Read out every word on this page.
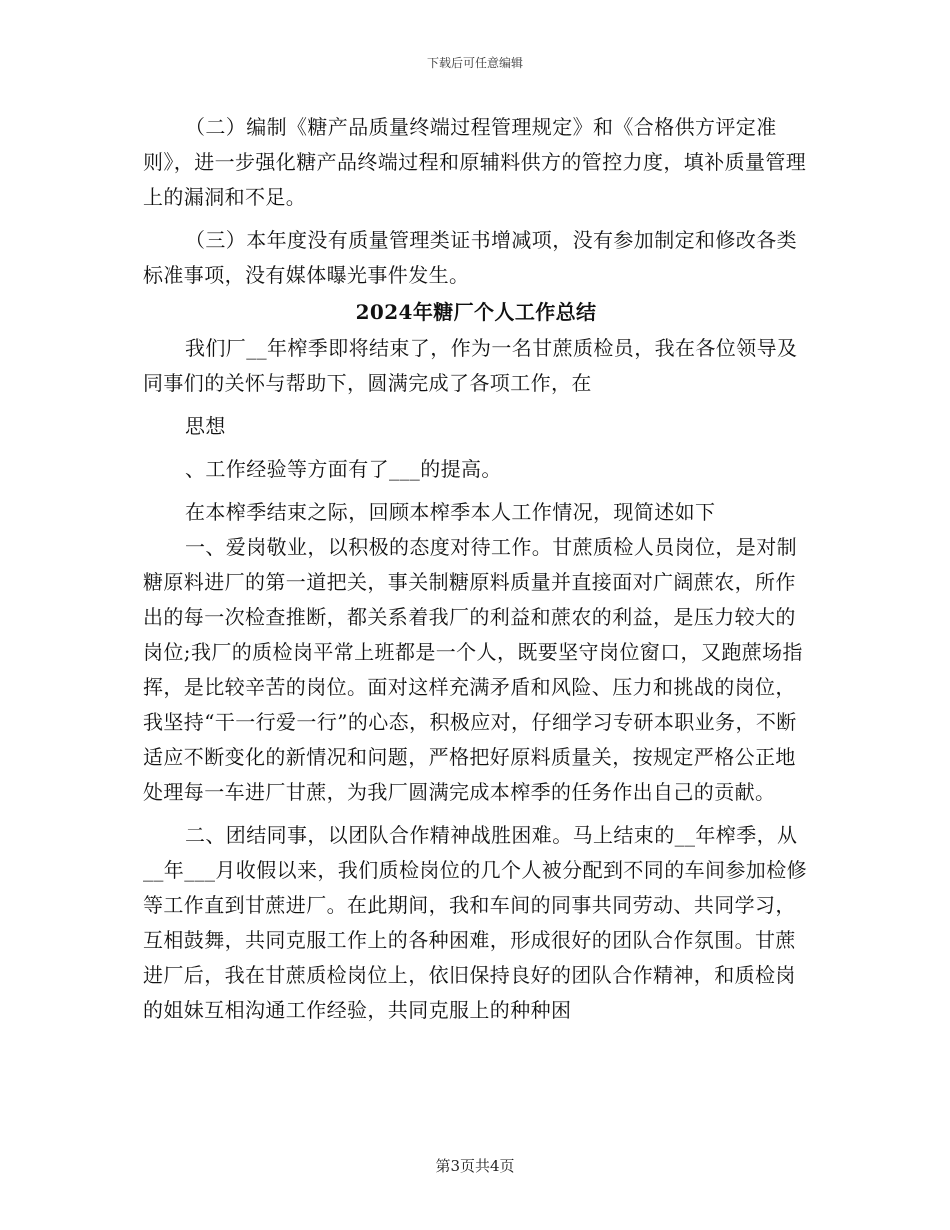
下载后可任意编辑

（二）编制《糖产品质量终端过程管理规定》和《合格供方评定准则》，进一步强化糖产品终端过程和原辅料供方的管控力度，填补质量管理上的漏洞和不足。

（三）本年度没有质量管理类证书增减项，没有参加制定和修改各类标准事项，没有媒体曝光事件发生。

2024年糖厂个人工作总结

我们厂__年榨季即将结束了，作为一名甘蔗质检员，我在各位领导及同事们的关怀与帮助下，圆满完成了各项工作，在

思想

、工作经验等方面有了___的提高。

在本榨季结束之际，回顾本榨季本人工作情况，现简述如下

一、爱岗敬业，以积极的态度对待工作。甘蔗质检人员岗位，是对制糖原料进厂的第一道把关，事关制糖原料质量并直接面对广阔蔗农，所作出的每一次检查推断，都关系着我厂的利益和蔗农的利益，是压力较大的岗位;我厂的质检岗平常上班都是一个人，既要坚守岗位窗口，又跑蔗场指挥，是比较辛苦的岗位。面对这样充满矛盾和风险、压力和挑战的岗位，我坚持“干一行爱一行”的心态，积极应对，仔细学习专研本职业务，不断适应不断变化的新情况和问题，严格把好原料质量关，按规定严格公正地处理每一车进厂甘蔗，为我厂圆满完成本榨季的任务作出自己的贡献。

二、团结同事，以团队合作精神战胜困难。马上结束的__年榨季，从__年___月收假以来，我们质检岗位的几个人被分配到不同的车间参加检修等工作直到甘蔗进厂。在此期间，我和车间的同事共同劳动、共同学习，互相鼓舞，共同克服工作上的各种困难，形成很好的团队合作氛围。甘蔗进厂后，我在甘蔗质检岗位上，依旧保持良好的团队合作精神，和质检岗的姐妹互相沟通工作经验，共同克服上的种种困

第3页共4页
